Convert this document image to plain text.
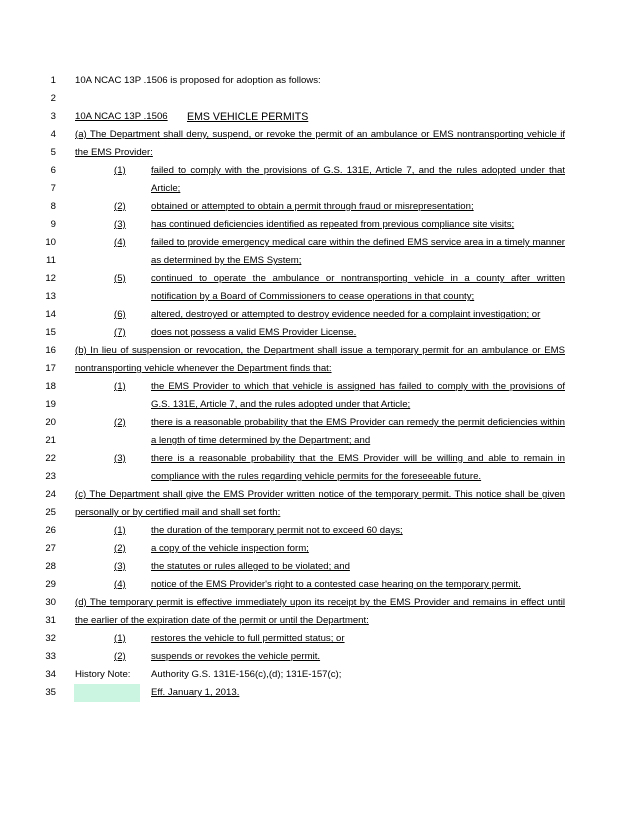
1 10A NCAC 13P .1506 is proposed for adoption as follows:
2
3 10A NCAC 13P .1506 EMS VEHICLE PERMITS
4 (a) The Department shall deny, suspend, or revoke the permit of an ambulance or EMS nontransporting vehicle if
5 the EMS Provider:
6	(1)	failed to comply with the provisions of G.S. 131E, Article 7, and the rules adopted under that
7	Article;
8	(2)	obtained or attempted to obtain a permit through fraud or misrepresentation;
9	(3)	has continued deficiencies identified as repeated from previous compliance site visits;
10	(4)	failed to provide emergency medical care within the defined EMS service area in a timely manner
11	as determined by the EMS System;
12	(5)	continued to operate the ambulance or nontransporting vehicle in a county after written
13	notification by a Board of Commissioners to cease operations in that county;
14	(6)	altered, destroyed or attempted to destroy evidence needed for a complaint investigation; or
15	(7)	does not possess a valid EMS Provider License.
16 (b) In lieu of suspension or revocation, the Department shall issue a temporary permit for an ambulance or EMS
17 nontransporting vehicle whenever the Department finds that:
18	(1)	the EMS Provider to which that vehicle is assigned has failed to comply with the provisions of
19	G.S. 131E, Article 7, and the rules adopted under that Article;
20	(2)	there is a reasonable probability that the EMS Provider can remedy the permit deficiencies within
21	a length of time determined by the Department; and
22	(3)	there is a reasonable probability that the EMS Provider will be willing and able to remain in
23	compliance with the rules regarding vehicle permits for the foreseeable future.
24 (c) The Department shall give the EMS Provider written notice of the temporary permit. This notice shall be given
25 personally or by certified mail and shall set forth:
26	(1)	the duration of the temporary permit not to exceed 60 days;
27	(2)	a copy of the vehicle inspection form;
28	(3)	the statutes or rules alleged to be violated; and
29	(4)	notice of the EMS Provider's right to a contested case hearing on the temporary permit.
30 (d) The temporary permit is effective immediately upon its receipt by the EMS Provider and remains in effect until
31 the earlier of the expiration date of the permit or until the Department:
32	(1)	restores the vehicle to full permitted status; or
33	(2)	suspends or revokes the vehicle permit.
34 History Note: Authority G.S. 131E-156(c),(d); 131E-157(c);
35	Eff. January 1, 2013.
